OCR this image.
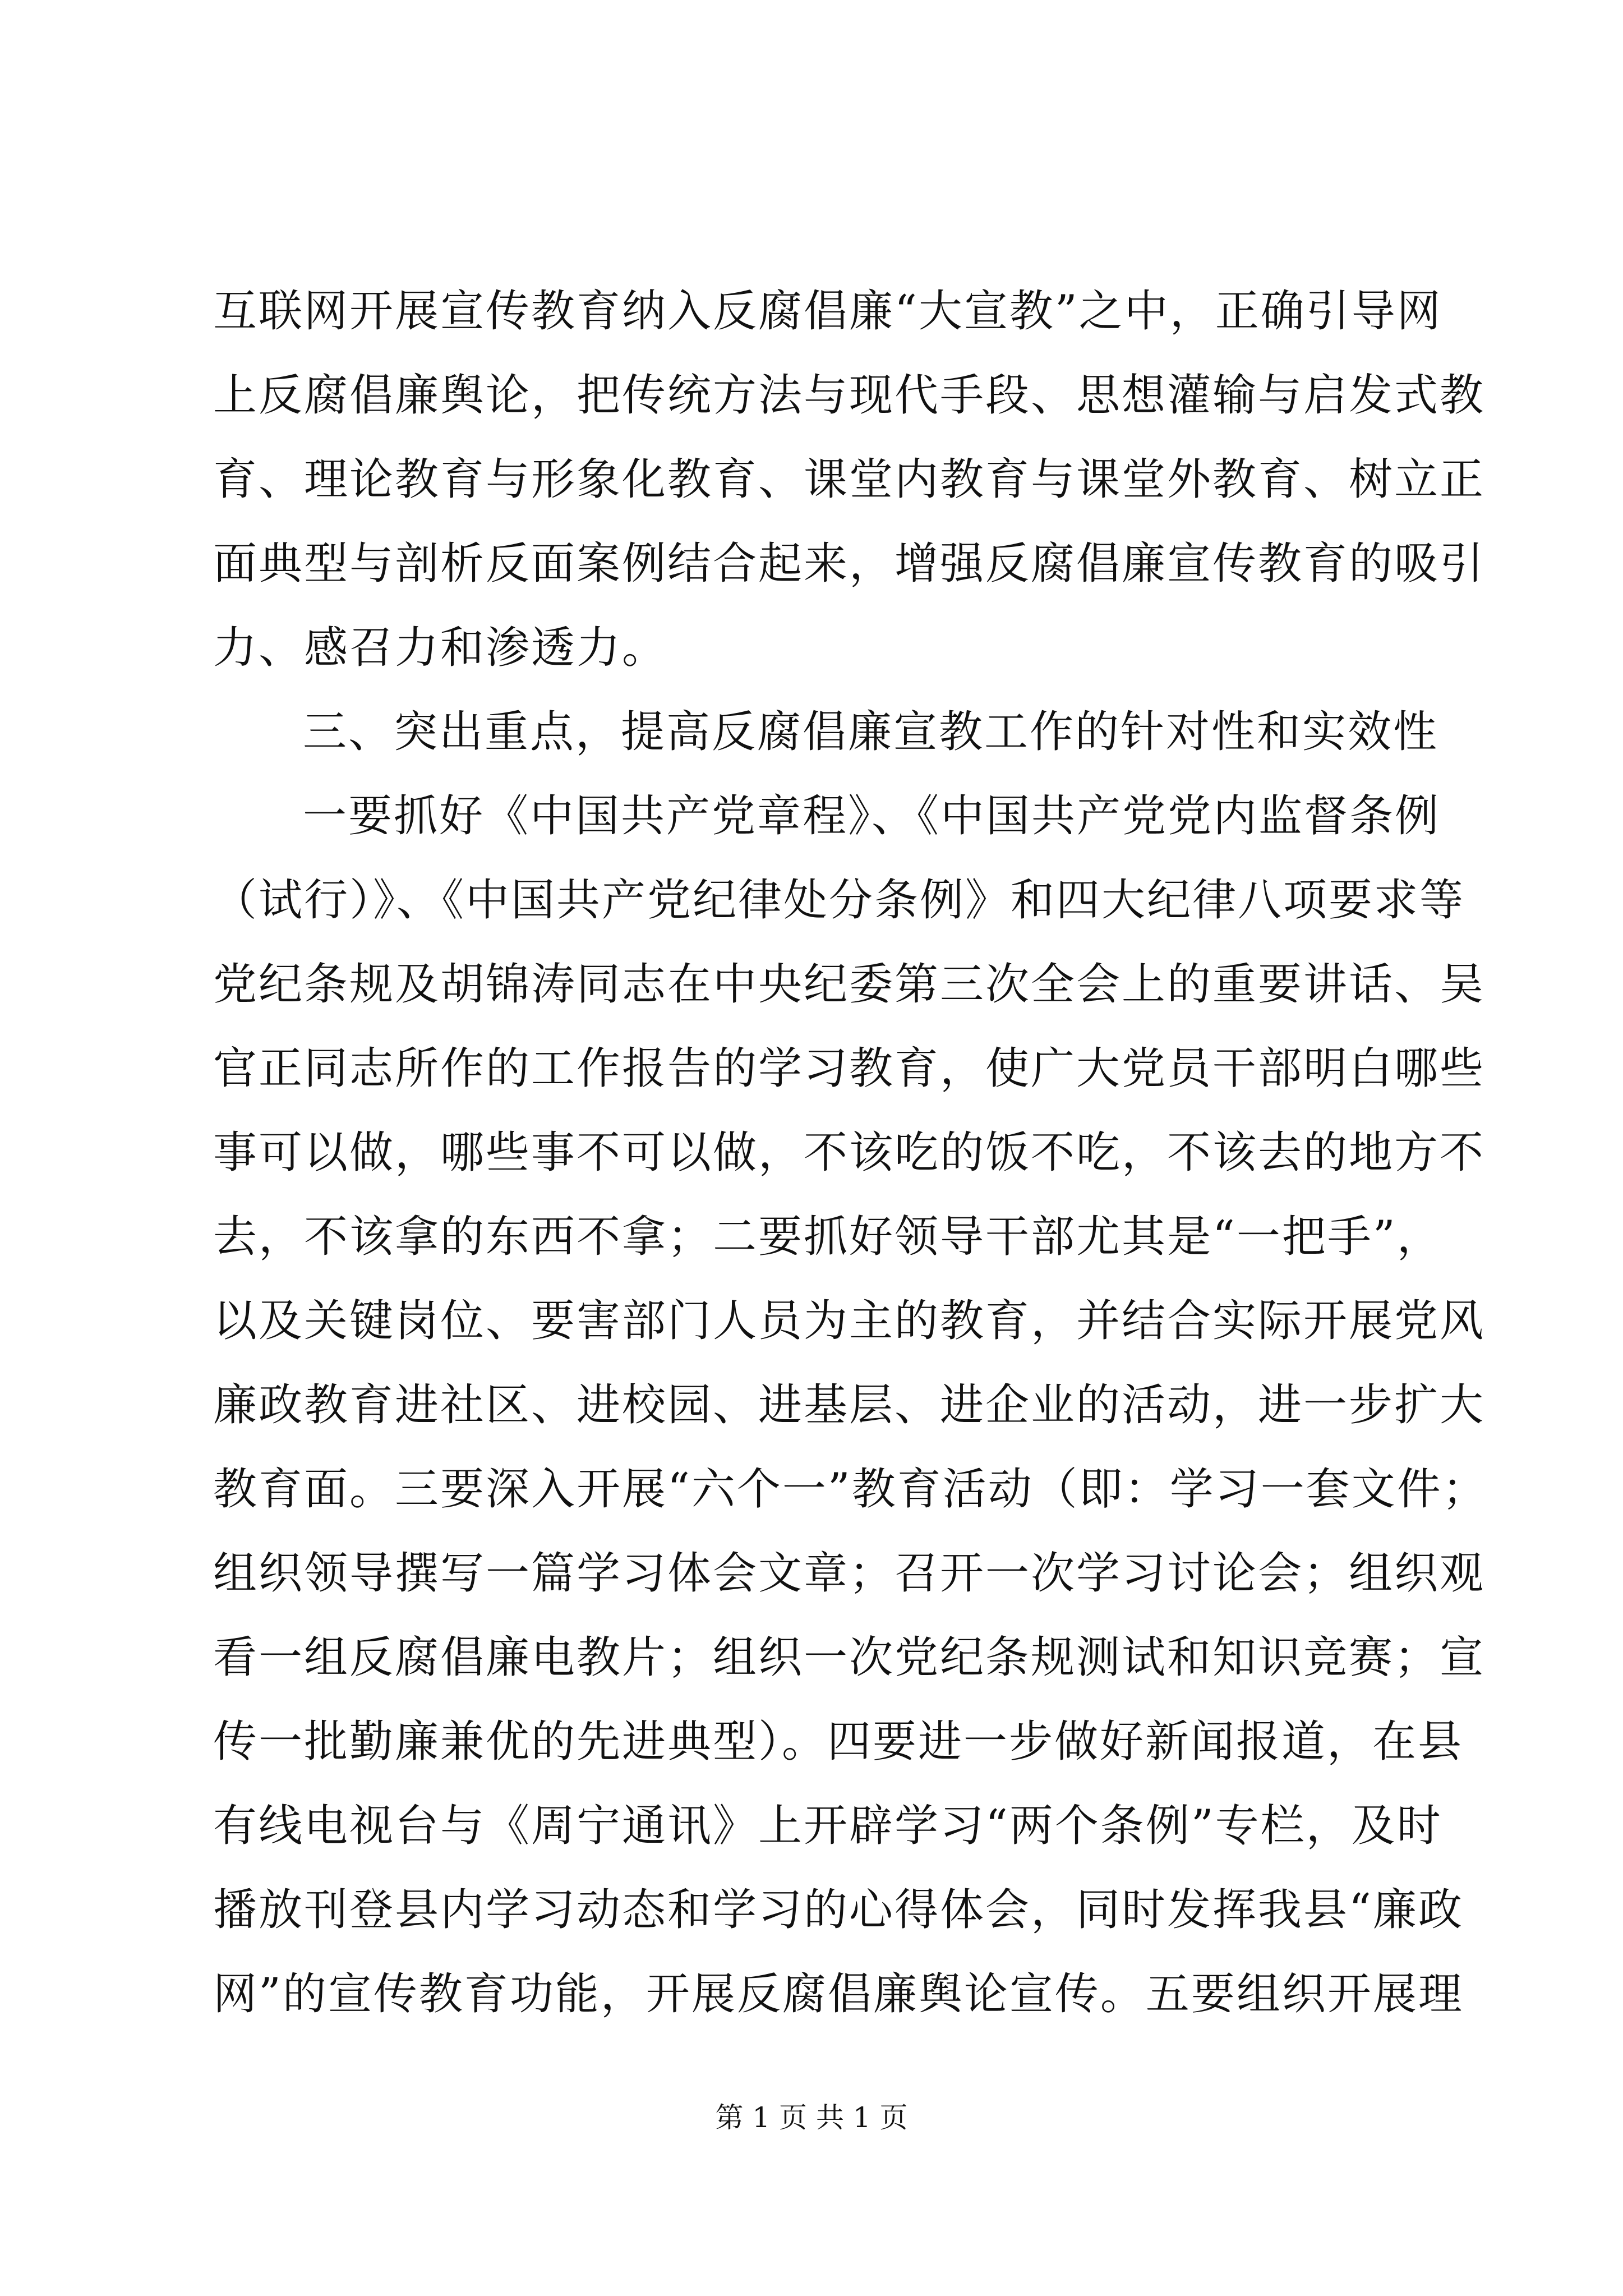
互联网开展宣传教育纳入反腐倡廉“大宣教”之中，正确引导网
上反腐倡廉舆论，把传统方法与现代手段、思想灌输与启发式教
育、理论教育与形象化教育、课堂内教育与课堂外教育、树立正
面典型与剖析反面案例结合起来，增强反腐倡廉宣传教育的吸引
力、感召力和渗透力。
三、突出重点，提高反腐倡廉宣教工作的针对性和实效性
一要抓好《中国共产党章程》、《中国共产党党内监督条例
（试行）》、《中国共产党纪律处分条例》和四大纪律八项要求等
党纪条规及胡锦涛同志在中央纪委第三次全会上的重要讲话、吴
官正同志所作的工作报告的学习教育，使广大党员干部明白哪些
事可以做，哪些事不可以做，不该吃的饭不吃，不该去的地方不
去，不该拿的东西不拿；二要抓好领导干部尤其是“一把手”，
以及关键岗位、要害部门人员为主的教育，并结合实际开展党风
廉政教育进社区、进校园、进基层、进企业的活动，进一步扩大
教育面。三要深入开展“六个一”教育活动（即：学习一套文件；
组织领导撰写一篇学习体会文章；召开一次学习讨论会；组织观
看一组反腐倡廉电教片；组织一次党纪条规测试和知识竞赛；宣
传一批勤廉兼优的先进典型）。四要进一步做好新闻报道，在县
有线电视台与《周宁通讯》上开辟学习“两个条例”专栏，及时
播放刊登县内学习动态和学习的心得体会，同时发挥我县“廉政
网”的宣传教育功能，开展反腐倡廉舆论宣传。五要组织开展理
第 1 页 共 1 页
